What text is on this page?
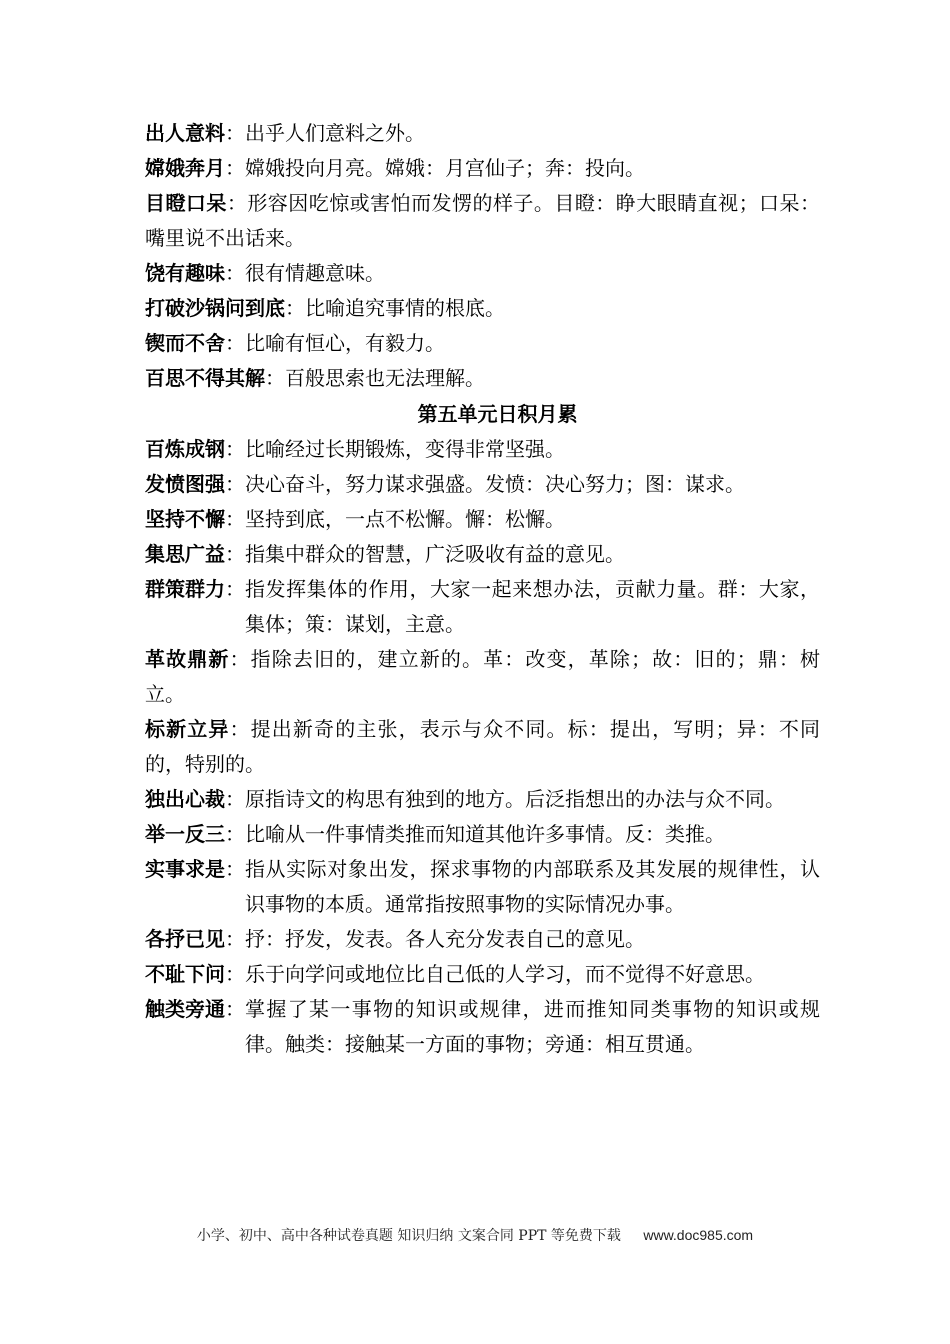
出人意料：出乎人们意料之外。

嫦娥奔月：嫦娥投向月亮。嫦娥：月宫仙子；奔：投向。

目瞪口呆：形容因吃惊或害怕而发愣的样子。目瞪：睁大眼睛直视；口呆：嘴里说不出话来。

饶有趣味：很有情趣意味。

打破沙锅问到底：比喻追究事情的根底。

锲而不舍：比喻有恒心，有毅力。

百思不得其解：百般思索也无法理解。

第五单元日积月累

百炼成钢：比喻经过长期锻炼，变得非常坚强。

发愤图强：决心奋斗，努力谋求强盛。发愤：决心努力；图：谋求。

坚持不懈：坚持到底，一点不松懈。懈：松懈。

集思广益：指集中群众的智慧，广泛吸收有益的意见。

群策群力： 指发挥集体的作用，大家一起来想办法，贡献力量。群：大家，集体；策：谋划，主意。

革故鼎新：指除去旧的，建立新的。革：改变，革除；故：旧的；鼎：树立。

标新立异：提出新奇的主张，表示与众不同。标：提出，写明；异：不同的，特别的。

独出心裁：原指诗文的构思有独到的地方。后泛指想出的办法与众不同。

举一反三：比喻从一件事情类推而知道其他许多事情。反：类推。

实事求是： 指从实际对象出发，探求事物的内部联系及其发展的规律性，认识事物的本质。通常指按照事物的实际情况办事。

各抒已见：抒：抒发，发表。各人充分发表自己的意见。

不耻下问：乐于向学问或地位比自己低的人学习，而不觉得不好意思。

触类旁通： 掌握了某一事物的知识或规律，进而推知同类事物的知识或规律。触类：接触某一方面的事物；旁通：相互贯通。

小学、初中、高中各种试卷真题 知识归纳 文案合同 PPT 等免费下载 www.doc985.com
